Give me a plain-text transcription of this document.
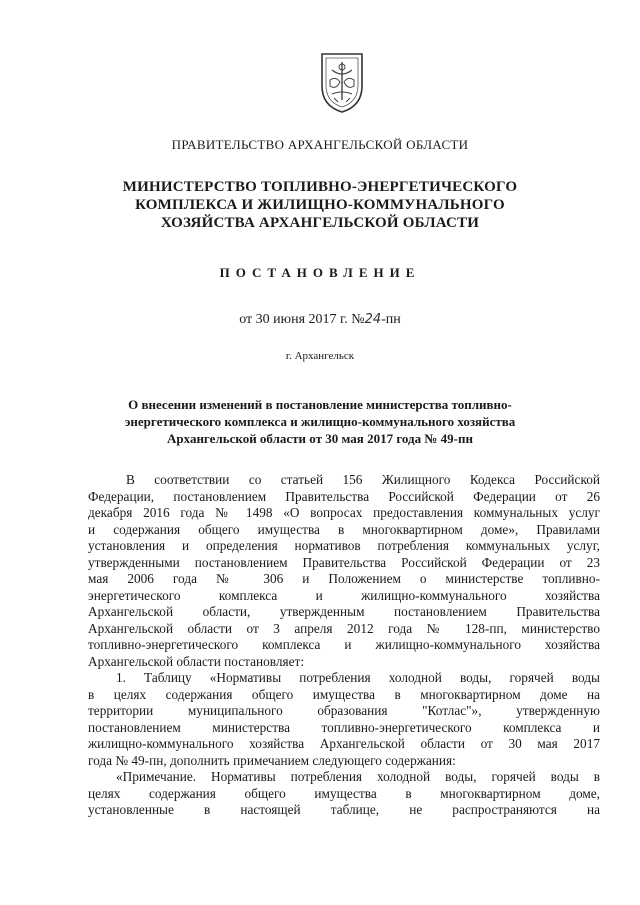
ПРАВИТЕЛЬСТВО АРХАНГЕЛЬСКОЙ ОБЛАСТИ
МИНИСТЕРСТВО ТОПЛИВНО-ЭНЕРГЕТИЧЕСКОГО
КОМПЛЕКСА И ЖИЛИЩНО-КОММУНАЛЬНОГО
ХОЗЯЙСТВА АРХАНГЕЛЬСКОЙ ОБЛАСТИ
ПОСТАНОВЛЕНИЕ
от 30 июня 2017 г. №24-пн
г. Архангельск
О внесении изменений в постановление министерства топливно-
энергетического комплекса и жилищно-коммунального хозяйства
Архангельской области от 30 мая 2017 года № 49-пн

В соответствии со статьей 156 Жилищного Кодекса Российской
Федерации, постановлением Правительства Российской Федерации от 26
декабря 2016 года № 1498 «О вопросах предоставления коммунальных услуг
и содержания общего имущества в многоквартирном доме», Правилами
установления и определения нормативов потребления коммунальных услуг,
утвержденными постановлением Правительства Российской Федерации от 23
мая 2006 года № 306 и Положением о министерстве топливно-
энергетического комплекса и жилищно-коммунального хозяйства
Архангельской области, утвержденным постановлением Правительства
Архангельской области от 3 апреля 2012 года № 128-пп, министерство
топливно-энергетического комплекса и жилищно-коммунального хозяйства
Архангельской области постановляет:

1. Таблицу «Нормативы потребления холодной воды, горячей воды
в целях содержания общего имущества в многоквартирном доме на
территории муниципального образования "Котлас"», утвержденную
постановлением министерства топливно-энергетического комплекса и
жилищно-коммунального хозяйства Архангельской области от 30 мая 2017
года № 49-пн, дополнить примечанием следующего содержания:

«Примечание. Нормативы потребления холодной воды, горячей воды в
целях содержания общего имущества в многоквартирном доме,
установленные в настоящей таблице, не распространяются на
